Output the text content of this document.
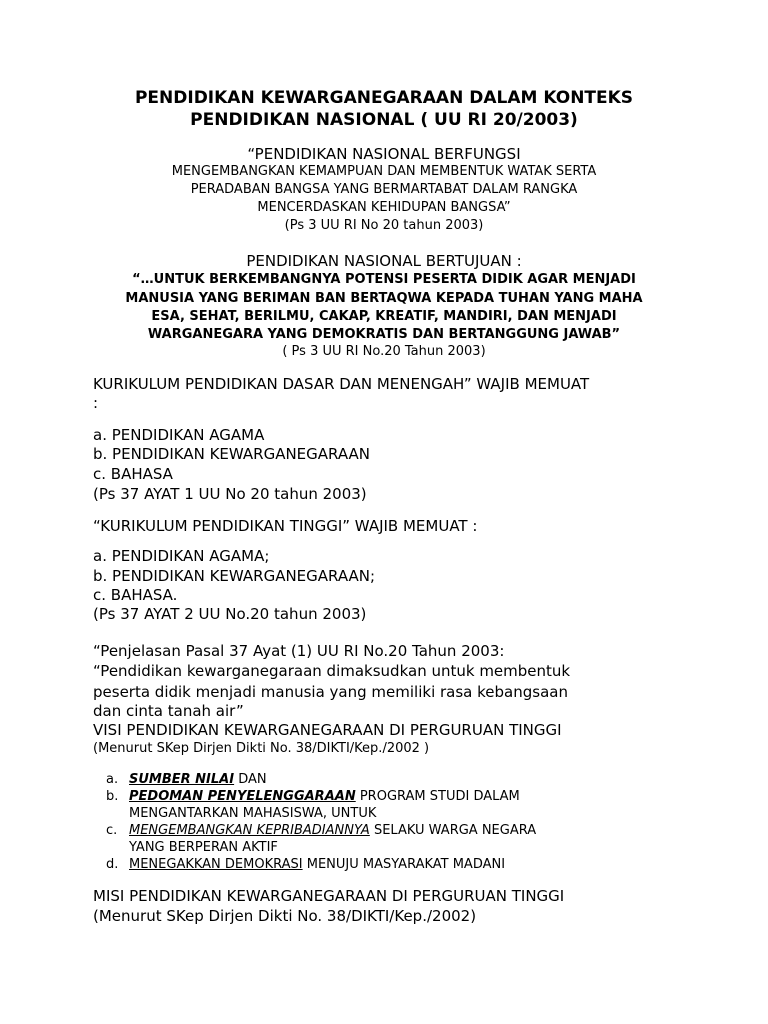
PENDIDIKAN KEWARGANEGARAAN DALAM KONTEKS
PENDIDIKAN NASIONAL ( UU RI 20/2003)
“PENDIDIKAN NASIONAL BERFUNGSI
MENGEMBANGKAN KEMAMPUAN DAN MEMBENTUK WATAK SERTA
PERADABAN BANGSA YANG BERMARTABAT DALAM RANGKA
MENCERDASKAN KEHIDUPAN BANGSA”
(Ps 3 UU RI No 20 tahun 2003)
PENDIDIKAN NASIONAL BERTUJUAN :
“…UNTUK BERKEMBANGNYA POTENSI PESERTA DIDIK AGAR MENJADI
MANUSIA YANG BERIMAN BAN BERTAQWA KEPADA TUHAN YANG MAHA
ESA, SEHAT, BERILMU, CAKAP, KREATIF, MANDIRI, DAN MENJADI
WARGANEGARA YANG DEMOKRATIS DAN BERTANGGUNG JAWAB”
( Ps 3 UU RI No.20 Tahun 2003)
KURIKULUM PENDIDIKAN DASAR DAN MENENGAH” WAJIB MEMUAT
:
a. PENDIDIKAN AGAMA
b. PENDIDIKAN KEWARGANEGARAAN
c. BAHASA
(Ps 37 AYAT 1 UU No 20 tahun 2003)
“KURIKULUM PENDIDIKAN TINGGI” WAJIB MEMUAT :
a. PENDIDIKAN AGAMA;
b. PENDIDIKAN KEWARGANEGARAAN;
c. BAHASA.
(Ps 37 AYAT 2 UU No.20 tahun 2003)
“Penjelasan Pasal 37 Ayat (1) UU RI No.20 Tahun 2003:
“Pendidikan kewarganegaraan dimaksudkan untuk membentuk
peserta didik menjadi manusia yang memiliki rasa kebangsaan
dan cinta tanah air”
VISI PENDIDIKAN KEWARGANEGARAAN DI PERGURUAN TINGGI
(Menurut SKep Dirjen Dikti No. 38/DIKTI/Kep./2002 )
a. SUMBER NILAI DAN
b. PEDOMAN PENYELENGGARAAN PROGRAM STUDI DALAM
MENGANTARKAN MAHASISWA, UNTUK
c. MENGEMBANGKAN KEPRIBADIANNYA SELAKU WARGA NEGARA
YANG BERPERAN AKTIF
d. MENEGAKKAN DEMOKRASI MENUJU MASYARAKAT MADANI
MISI PENDIDIKAN KEWARGANEGARAAN DI PERGURUAN TINGGI
(Menurut SKep Dirjen Dikti No. 38/DIKTI/Kep./2002)
